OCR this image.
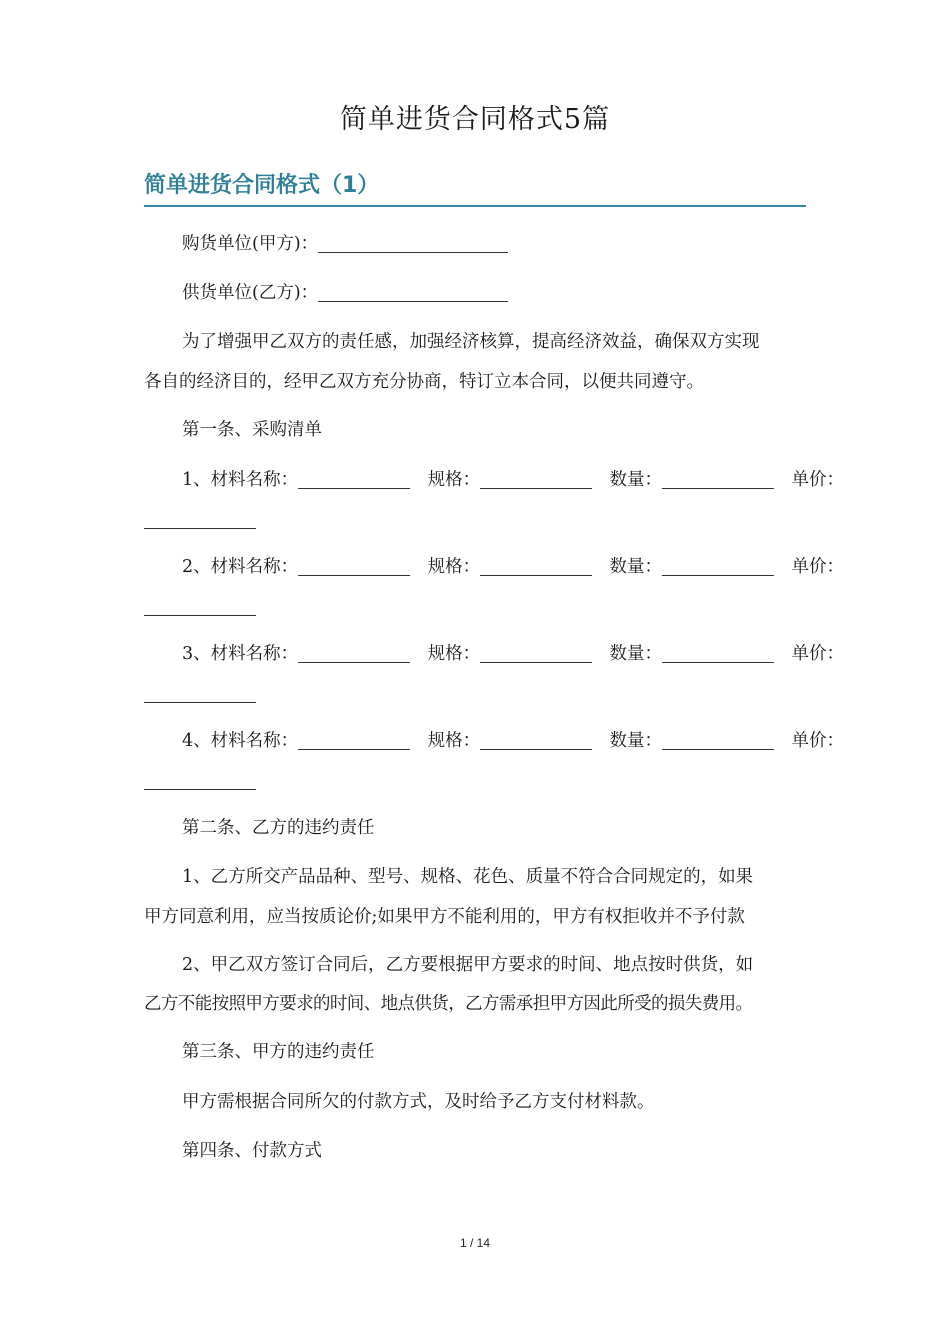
简单进货合同格式5篇
简单进货合同格式（1）
购货单位(甲方)：
供货单位(乙方)：
为了增强甲乙双方的责任感，加强经济核算，提高经济效益，确保双方实现
各自的经济目的，经甲乙双方充分协商，特订立本合同，以便共同遵守。
第一条、采购清单
1、材料名称：	规格：	数量：	单价：
2、材料名称：	规格：	数量：	单价：
3、材料名称：	规格：	数量：	单价：
4、材料名称：	规格：	数量：	单价：
第二条、乙方的违约责任
1、乙方所交产品品种、型号、规格、花色、质量不符合合同规定的，如果
甲方同意利用，应当按质论价;如果甲方不能利用的，甲方有权拒收并不予付款
2、甲乙双方签订合同后，乙方要根据甲方要求的时间、地点按时供货，如
乙方不能按照甲方要求的时间、地点供货，乙方需承担甲方因此所受的损失费用。
第三条、甲方的违约责任
甲方需根据合同所欠的付款方式，及时给予乙方支付材料款。
第四条、付款方式
1 / 14
